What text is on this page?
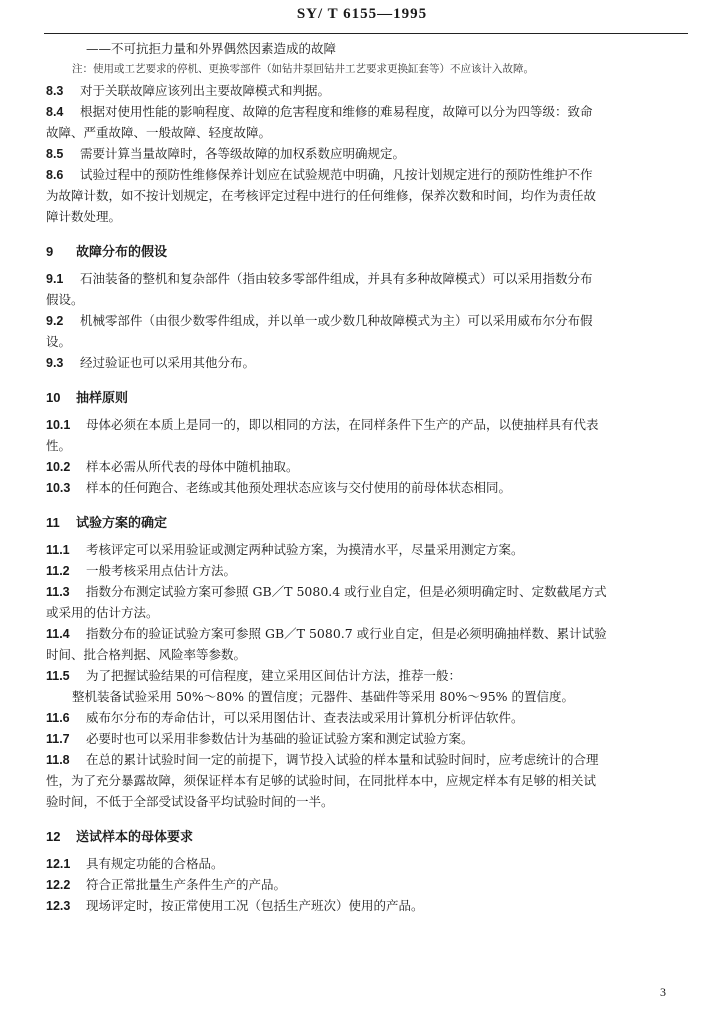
SY/ T 6155—1995
——不可抗拒力量和外界偶然因素造成的故障
注：使用或工艺要求的停机、更换零部件（如钻井泵回钻井工艺要求更换缸套等）不应该计入故障。
8.3 对于关联故障应该列出主要故障模式和判据。
8.4 根据对使用性能的影响程度、故障的危害程度和维修的难易程度，故障可以分为四等级：致命
故障、严重故障、一般故障、轻度故障。
8.5 需要计算当量故障时，各等级故障的加权系数应明确规定。
8.6 试验过程中的预防性维修保养计划应在试验规范中明确，凡按计划规定进行的预防性维护不作
为故障计数，如不按计划规定，在考核评定过程中进行的任何维修，保养次数和时间，均作为责任故
障计数处理。
9 故障分布的假设
9.1 石油装备的整机和复杂部件（指由较多零部件组成，并具有多种故障模式）可以采用指数分布
假设。
9.2 机械零部件（由很少数零件组成，并以单一或少数几种故障模式为主）可以采用威布尔分布假
设。
9.3 经过验证也可以采用其他分布。
10 抽样原则
10.1 母体必须在本质上是同一的，即以相同的方法，在同样条件下生产的产品，以使抽样具有代表
性。
10.2 样本必需从所代表的母体中随机抽取。
10.3 样本的任何跑合、老练或其他预处理状态应该与交付使用的前母体状态相同。
11 试验方案的确定
11.1 考核评定可以采用验证或测定两种试验方案，为摸清水平，尽量采用测定方案。
11.2 一般考核采用点估计方法。
11.3 指数分布测定试验方案可参照 GB／T 5080.4 或行业自定，但是必须明确定时、定数截尾方式
或采用的估计方法。
11.4 指数分布的验证试验方案可参照 GB／T 5080.7 或行业自定，但是必须明确抽样数、累计试验
时间、批合格判据、风险率等参数。
11.5 为了把握试验结果的可信程度，建立采用区间估计方法，推荐一般：
整机装备试验采用 50%～80% 的置信度；元器件、基础件等采用 80%～95% 的置信度。
11.6 威布尔分布的寿命估计，可以采用图估计、查表法或采用计算机分析评估软件。
11.7 必要时也可以采用非参数估计为基础的验证试验方案和测定试验方案。
11.8 在总的累计试验时间一定的前提下，调节投入试验的样本量和试验时间时，应考虑统计的合理
性，为了充分暴露故障，须保证样本有足够的试验时间，在同批样本中，应规定样本有足够的相关试
验时间，不低于全部受试设备平均试验时间的一半。
12 送试样本的母体要求
12.1 具有规定功能的合格品。
12.2 符合正常批量生产条件生产的产品。
12.3 现场评定时，按正常使用工况（包括生产班次）使用的产品。
3
